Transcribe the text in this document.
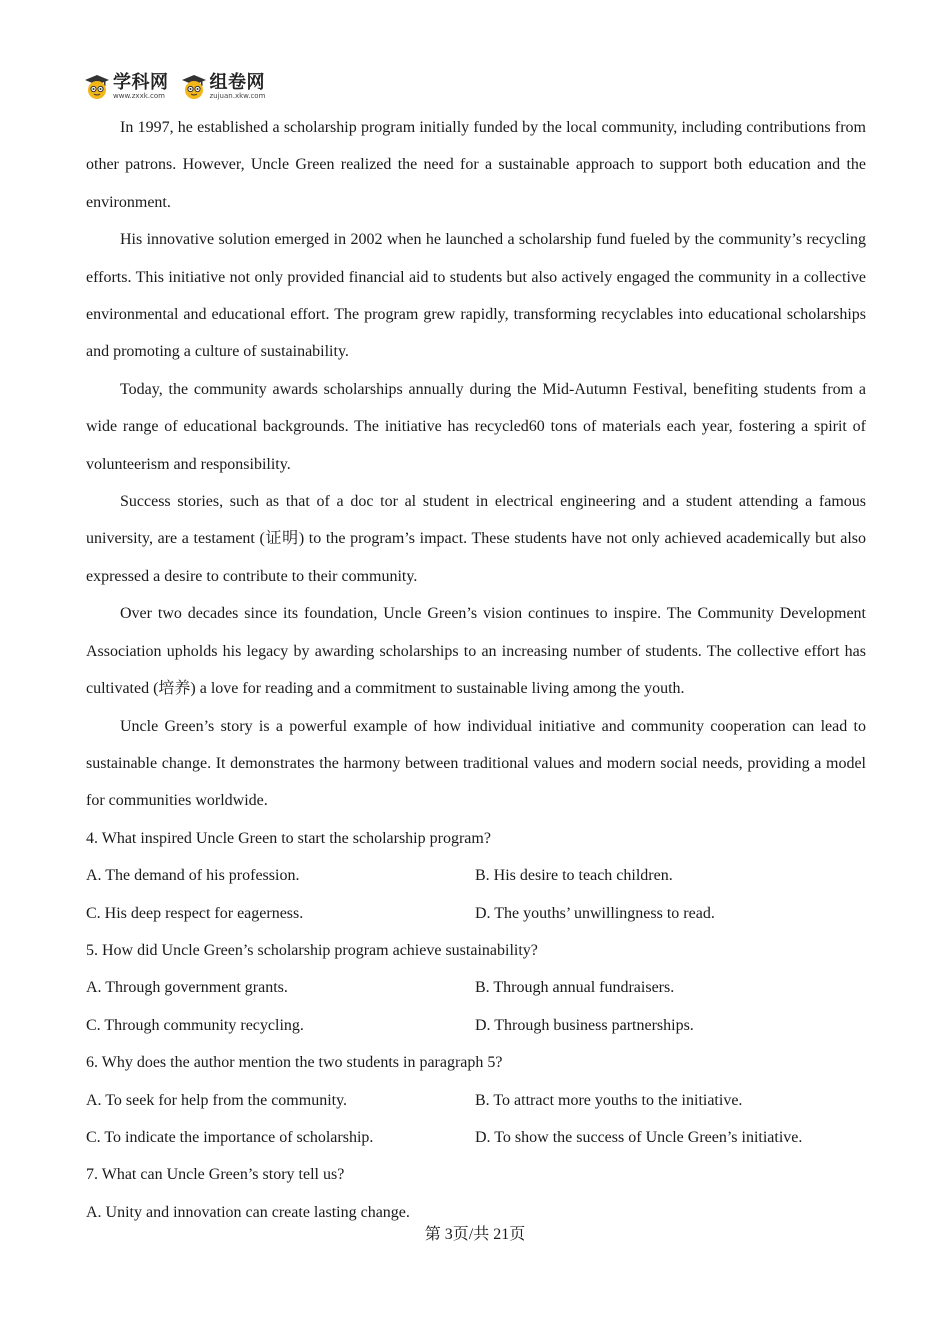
学科网
www.zxxk.com
组卷网
zujuan.xkw.com

In 1997, he established a scholarship program initially funded by the local community, including contributions from other patrons. However, Uncle Green realized the need for a sustainable approach to support both education and the environment.

His innovative solution emerged in 2002 when he launched a scholarship fund fueled by the community’s recycling efforts. This initiative not only provided financial aid to students but also actively engaged the community in a collective environmental and educational effort. The program grew rapidly, transforming recyclables into educational scholarships and promoting a culture of sustainability.

Today, the community awards scholarships annually during the Mid-Autumn Festival, benefiting students from a wide range of educational backgrounds. The initiative has recycled60 tons of materials each year, fostering a spirit of volunteerism and responsibility.

Success stories, such as that of a doc tor al student in electrical engineering and a student attending a famous university, are a testament (证明) to the program’s impact. These students have not only achieved academically but also expressed a desire to contribute to their community.

Over two decades since its foundation, Uncle Green’s vision continues to inspire. The Community Development Association upholds his legacy by awarding scholarships to an increasing number of students. The collective effort has cultivated (培养) a love for reading and a commitment to sustainable living among the youth.

Uncle Green’s story is a powerful example of how individual initiative and community cooperation can lead to sustainable change. It demonstrates the harmony between traditional values and modern social needs, providing a model for communities worldwide.

4. What inspired Uncle Green to start the scholarship program?

A. The demand of his profession.	B. His desire to teach children.
C. His deep respect for eagerness.	D. The youths’ unwillingness to read.

5. How did Uncle Green’s scholarship program achieve sustainability?

A. Through government grants.	B. Through annual fundraisers.
C. Through community recycling.	D. Through business partnerships.

6. Why does the author mention the two students in paragraph 5?

A. To seek for help from the community.	B. To attract more youths to the initiative.
C. To indicate the importance of scholarship.	D. To show the success of Uncle Green’s initiative.

7. What can Uncle Green’s story tell us?

A. Unity and innovation can create lasting change.

第 3页/共 21页
